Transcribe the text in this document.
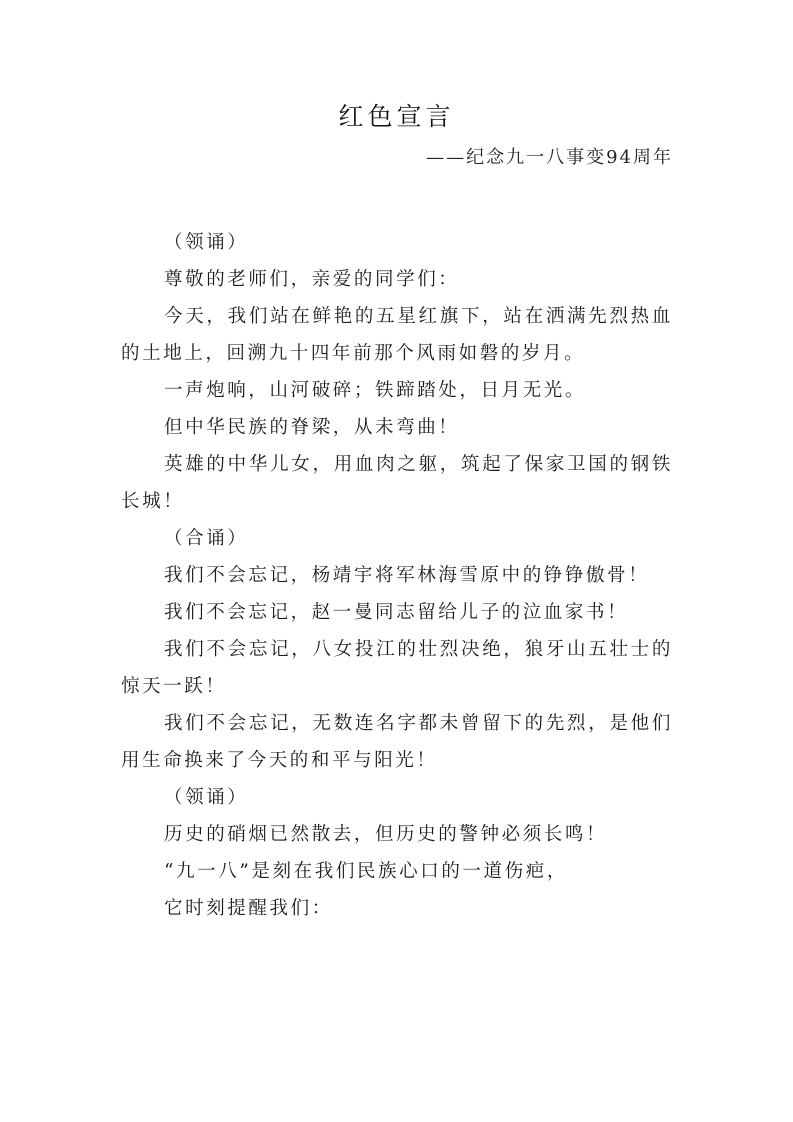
红色宣言
——纪念九一八事变94周年

（领诵）

尊敬的老师们，亲爱的同学们：

今天，我们站在鲜艳的五星红旗下，站在洒满先烈热血的土地上，回溯九十四年前那个风雨如磐的岁月。

一声炮响，山河破碎；铁蹄踏处，日月无光。

但中华民族的脊梁，从未弯曲！

英雄的中华儿女，用血肉之躯，筑起了保家卫国的钢铁长城！

（合诵）

我们不会忘记，杨靖宇将军林海雪原中的铮铮傲骨！

我们不会忘记，赵一曼同志留给儿子的泣血家书！

我们不会忘记，八女投江的壮烈决绝，狼牙山五壮士的惊天一跃！

我们不会忘记，无数连名字都未曾留下的先烈，是他们用生命换来了今天的和平与阳光！

（领诵）

历史的硝烟已然散去，但历史的警钟必须长鸣！

“九一八”是刻在我们民族心口的一道伤疤，

它时刻提醒我们：
